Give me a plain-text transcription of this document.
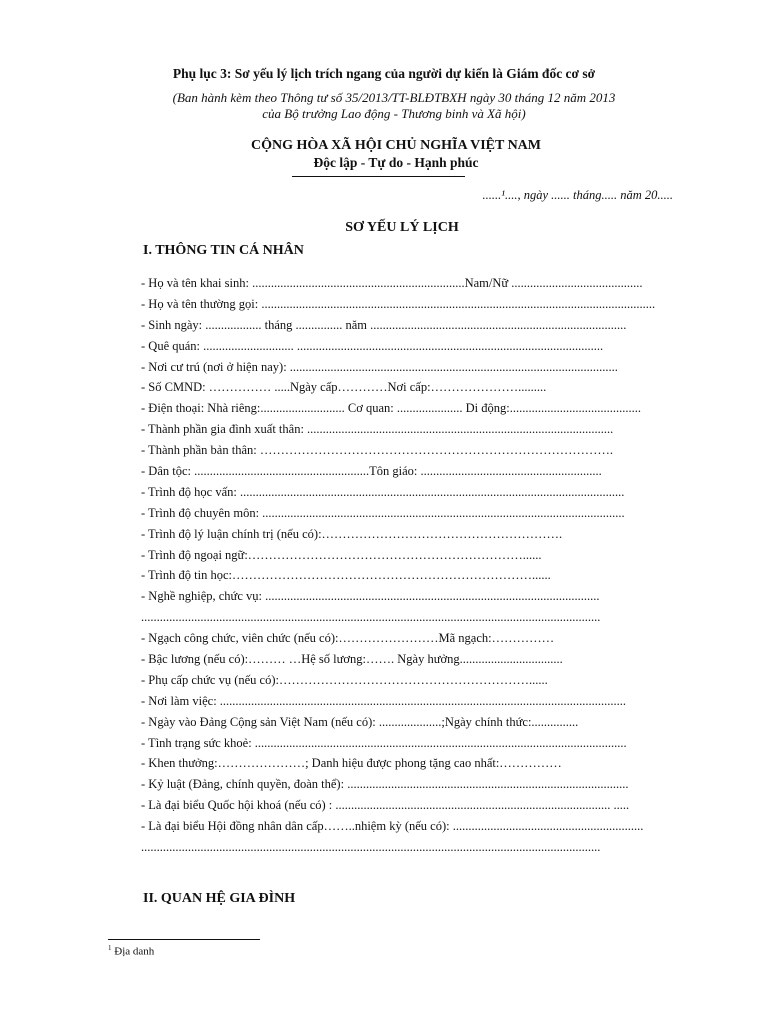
Phụ lục 3: Sơ yếu lý lịch trích ngang của người dự kiến là Giám đốc cơ sở
(Ban hành kèm theo Thông tư số 35/2013/TT-BLĐTBXH ngày 30 tháng 12 năm 2013
của Bộ trưởng Lao động - Thương binh và Xã hội)
CỘNG HÒA XÃ HỘI CHỦ NGHĨA VIỆT NAM
Độc lập - Tự do - Hạnh phúc
......¹...., ngày ...... tháng..... năm 20.....
SƠ YẾU LÝ LỊCH
I. THÔNG TIN CÁ NHÂN
- Họ và tên khai sinh: ....................................................................Nam/Nữ ..........................................
- Họ và tên thường gọi: ..............................................................................................................................
- Sinh ngày: .................. tháng ............... năm ..................................................................................
- Quê quán: ............................. ..................................................................................................
- Nơi cư trú (nơi ở hiện nay): .........................................................................................................
- Số CMND: …………… .....Ngày cấp…………Nơi cấp:………………….........
- Điện thoại: Nhà riêng:........................... Cơ quan: ..................... Di động:..........................................
- Thành phần gia đình xuất thân: ..................................................................................................
- Thành phần bản thân: ………………………………………………………………………….
- Dân tộc: ........................................................Tôn giáo: ..........................................................
- Trình độ học vấn: ...........................................................................................................................
- Trình độ chuyên môn: ....................................................................................................................
- Trình độ lý luận chính trị (nếu có):………………………………………………….
- Trình độ ngoại ngữ:…………………………………………………………......
- Trình độ tin học:………………………………………………………………......
- Nghề nghiệp, chức vụ: ...........................................................................................................
...................................................................................................................................................
- Ngạch công chức, viên chức (nếu có):……………………Mã ngạch:……………
- Bậc lương (nếu có):……… …Hệ số lương:……. Ngày hưởng.................................
- Phụ cấp chức vụ (nếu có):……………………………………………………......
- Nơi làm việc: ..................................................................................................................................
- Ngày vào Đảng Cộng sản Việt Nam (nếu có): ....................;Ngày chính thức:...............
- Tình trạng sức khoẻ: .......................................................................................................................
- Khen thưởng:…………………; Danh hiệu được phong tặng cao nhất:……………
- Kỷ luật (Đảng, chính quyền, đoàn thể): ..........................................................................................
- Là đại biểu Quốc hội khoá (nếu có) : ........................................................................................ .....
- Là đại biểu Hội đồng nhân dân cấp……..nhiệm kỳ (nếu có): .............................................................
...................................................................................................................................................
II. QUAN HỆ GIA ĐÌNH
$^1$ Địa danh
